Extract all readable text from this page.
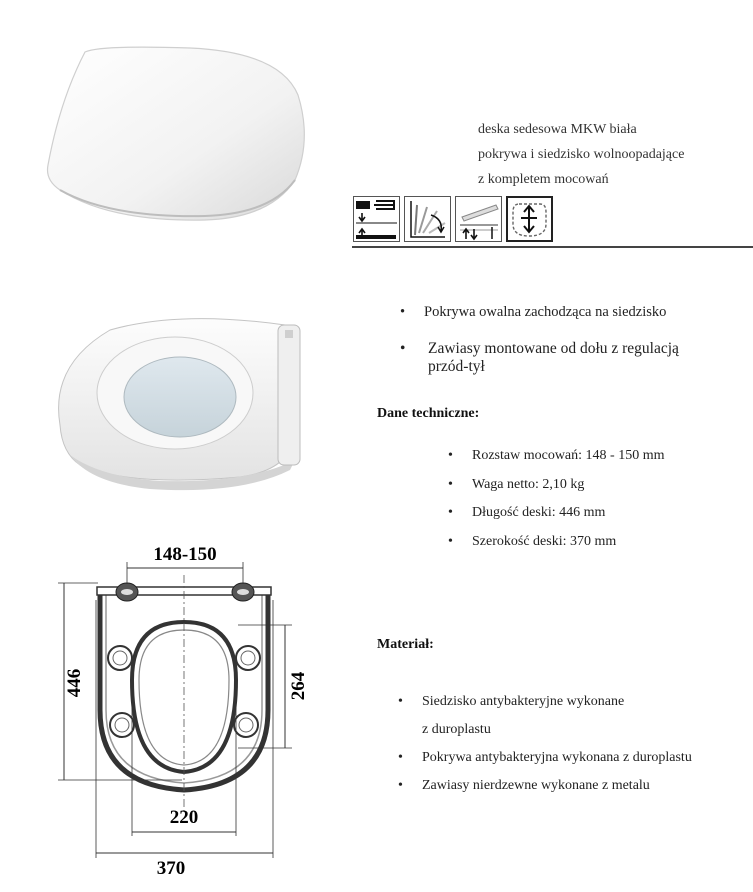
deska sedesowa MKW biała
pokrywa i siedzisko wolnoopadające
z kompletem mocowań
• Pokrywa owalna zachodząca na siedzisko
• Zawiasy montowane od dołu z regulacją
przód-tył
Dane techniczne:
• Rozstaw mocowań: 148 - 150 mm
• Waga netto: 2,10 kg
• Długość deski: 446 mm
• Szerokość deski: 370 mm
Materiał:
• Siedzisko antybakteryjne wykonane
z duroplastu
• Pokrywa antybakteryjna wykonana z duroplastu
• Zawiasy nierdzewne wykonane z metalu
148-150
446	264
220
370
